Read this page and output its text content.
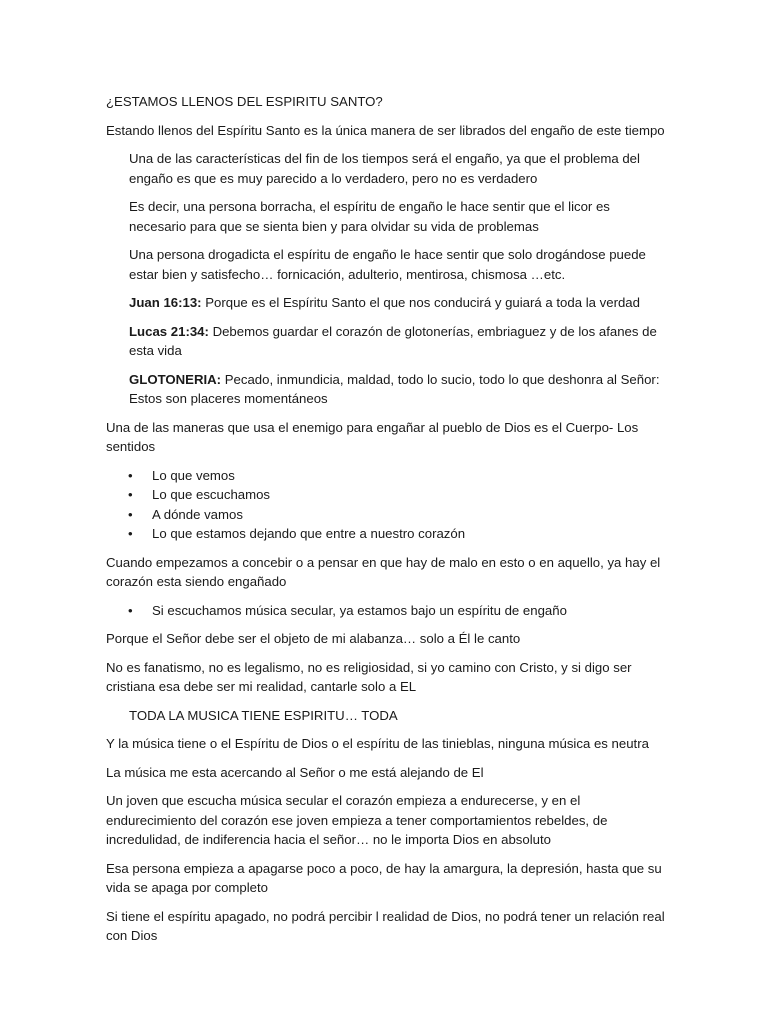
¿ESTAMOS LLENOS DEL ESPIRITU SANTO?

Estando llenos del Espíritu Santo es la única manera de ser librados del engaño de este tiempo

Una de las características del fin de los tiempos será el engaño, ya que el problema del engaño es que es muy parecido a lo verdadero, pero no es verdadero

Es decir, una persona borracha, el espíritu de engaño le hace sentir que el licor es necesario para que se sienta bien y para olvidar su vida de problemas

Una persona drogadicta el espíritu de engaño le hace sentir que solo drogándose puede estar bien y satisfecho… fornicación, adulterio, mentirosa, chismosa …etc.

Juan 16:13: Porque es el Espíritu Santo el que nos conducirá y guiará a toda la verdad

Lucas 21:34: Debemos guardar el corazón de glotonerías, embriaguez y de los afanes de esta vida

GLOTONERIA: Pecado, inmundicia, maldad, todo lo sucio, todo lo que deshonra al Señor: Estos son placeres momentáneos

Una de las maneras que usa el enemigo para engañar al pueblo de Dios es el Cuerpo- Los sentidos

• Lo que vemos
• Lo que escuchamos
• A dónde vamos
• Lo que estamos dejando que entre a nuestro corazón

Cuando empezamos a concebir o a pensar en que hay de malo en esto o en aquello, ya hay el corazón esta siendo engañado

• Si escuchamos música secular, ya estamos bajo un espíritu de engaño

Porque el Señor debe ser el objeto de mi alabanza… solo a Él le canto

No es fanatismo, no es legalismo, no es religiosidad, si yo camino con Cristo, y si digo ser cristiana esa debe ser mi realidad, cantarle solo a EL

TODA LA MUSICA TIENE ESPIRITU… TODA

Y la música tiene o el Espíritu de Dios o el espíritu de las tinieblas, ninguna música es neutra

La música me esta acercando al Señor o me está alejando de El

Un joven que escucha música secular el corazón empieza a endurecerse, y en el endurecimiento del corazón ese joven empieza a tener comportamientos rebeldes, de incredulidad, de indiferencia hacia el señor… no le importa Dios en absoluto

Esa persona empieza a apagarse poco a poco, de hay la amargura, la depresión, hasta que su vida se apaga por completo

Si tiene el espíritu apagado, no podrá percibir l realidad de Dios, no podrá tener un relación real con Dios
